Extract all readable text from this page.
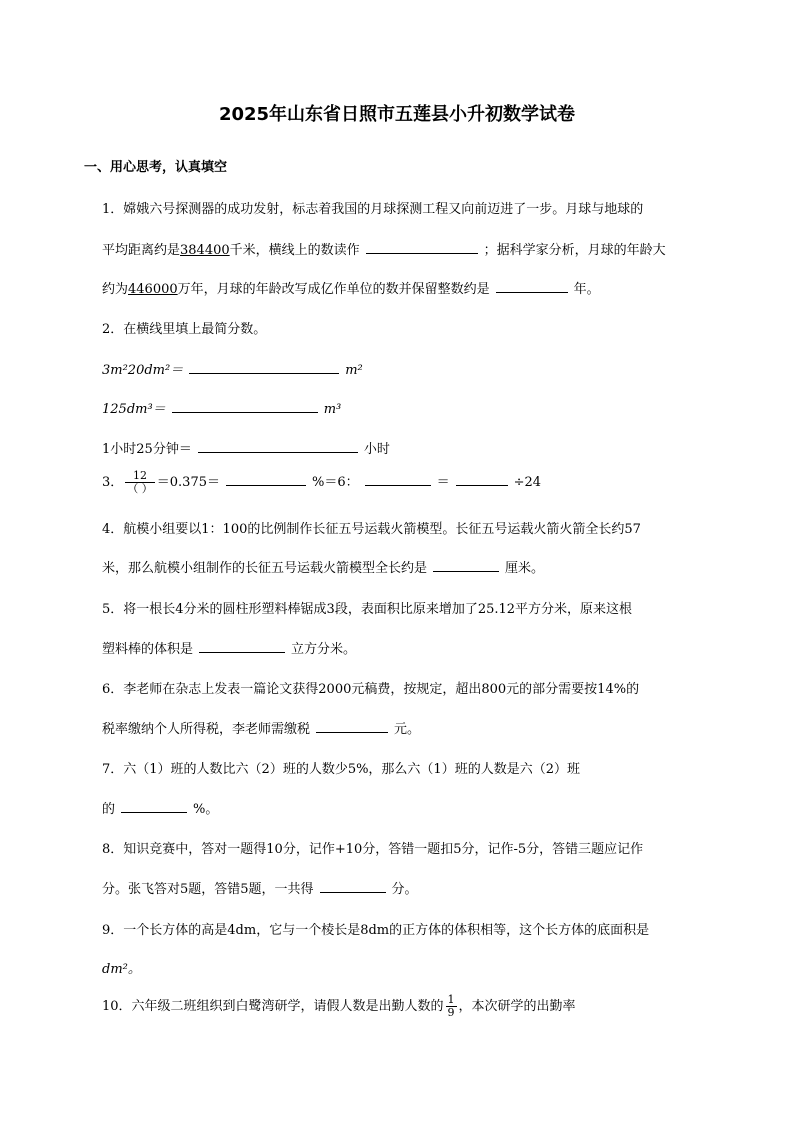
2025年山东省日照市五莲县小升初数学试卷
一、用心思考，认真填空
1．嫦娥六号探测器的成功发射，标志着我国的月球探测工程又向前迈进了一步。月球与地球的
平均距离约是384400千米，横线上的数读作	；据科学家分析，月球的年龄大
约为446000万年，月球的年龄改写成亿作单位的数并保留整数约是	年。
2．在横线里填上最简分数。
3m²20dm²＝	m²
125dm³＝	m³
1小时25分钟＝	小时
3． $\frac{12}{( )} =0.375=$	%＝6：	＝	÷24
4．航模小组要以1：100的比例制作长征五号运载火箭模型。长征五号运载火箭火箭全长约57
米，那么航模小组制作的长征五号运载火箭模型全长约是	厘米。
5．将一根长4分米的圆柱形塑料棒锯成3段，表面积比原来增加了25.12平方分米，原来这根
塑料棒的体积是	立方分米。
6．李老师在杂志上发表一篇论文获得2000元稿费，按规定，超出800元的部分需要按14%的
税率缴纳个人所得税，李老师需缴税	元。
7．六（1）班的人数比六（2）班的人数少5%，那么六（1）班的人数是六（2）班
的	%。
8．知识竞赛中，答对一题得10分，记作+10分，答错一题扣5分，记作-5分，答错三题应记作
分。张飞答对5题，答错5题，一共得	分。
9．一个长方体的高是4dm，它与一个棱长是8dm的正方体的体积相等，这个长方体的底面积是
dm²。
10．六年级二班组织到白鹭湾研学，请假人数是出勤人数的 $\frac{1}{9}$ ，本次研学的出勤率
